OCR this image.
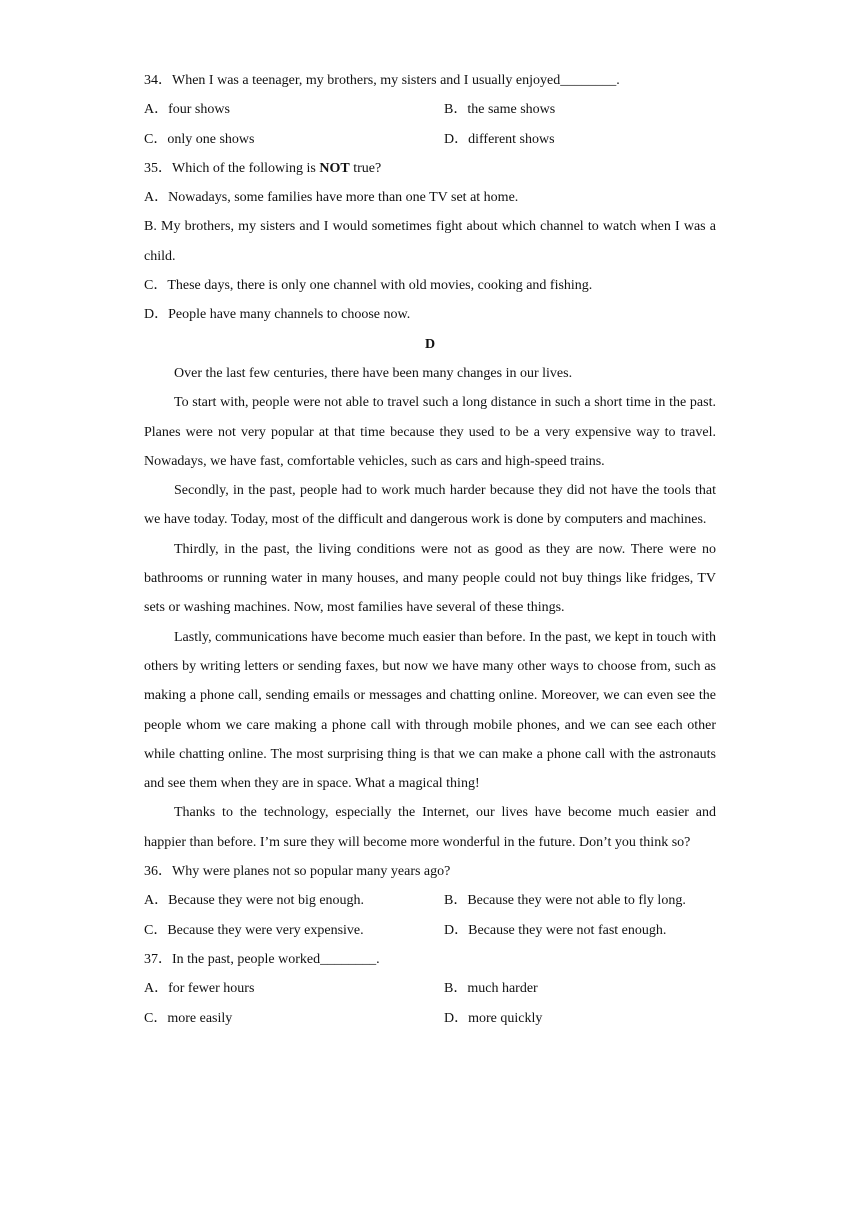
34．When I was a teenager, my brothers, my sisters and I usually enjoyed________.
A．four shows	B．the same shows
C．only one shows	D．different shows
35．Which of the following is NOT true?
A．Nowadays, some families have more than one TV set at home.
B. My brothers, my sisters and I would sometimes fight about which channel to watch when I was a child.
C．These days, there is only one channel with old movies, cooking and fishing.
D．People have many channels to choose now.
D
Over the last few centuries, there have been many changes in our lives.
To start with, people were not able to travel such a long distance in such a short time in the past. Planes were not very popular at that time because they used to be a very expensive way to travel. Nowadays, we have fast, comfortable vehicles, such as cars and high-speed trains.
Secondly, in the past, people had to work much harder because they did not have the tools that we have today. Today, most of the difficult and dangerous work is done by computers and machines.
Thirdly, in the past, the living conditions were not as good as they are now. There were no bathrooms or running water in many houses, and many people could not buy things like fridges, TV sets or washing machines. Now, most families have several of these things.
Lastly, communications have become much easier than before. In the past, we kept in touch with others by writing letters or sending faxes, but now we have many other ways to choose from, such as making a phone call, sending emails or messages and chatting online. Moreover, we can even see the people whom we care making a phone call with through mobile phones, and we can see each other while chatting online. The most surprising thing is that we can make a phone call with the astronauts and see them when they are in space. What a magical thing!
Thanks to the technology, especially the Internet, our lives have become much easier and happier than before. I’m sure they will become more wonderful in the future. Don’t you think so?
36．Why were planes not so popular many years ago?
A．Because they were not big enough.	B．Because they were not able to fly long.
C．Because they were very expensive.	D．Because they were not fast enough.
37．In the past, people worked________.
A．for fewer hours	B．much harder
C．more easily	D．more quickly
